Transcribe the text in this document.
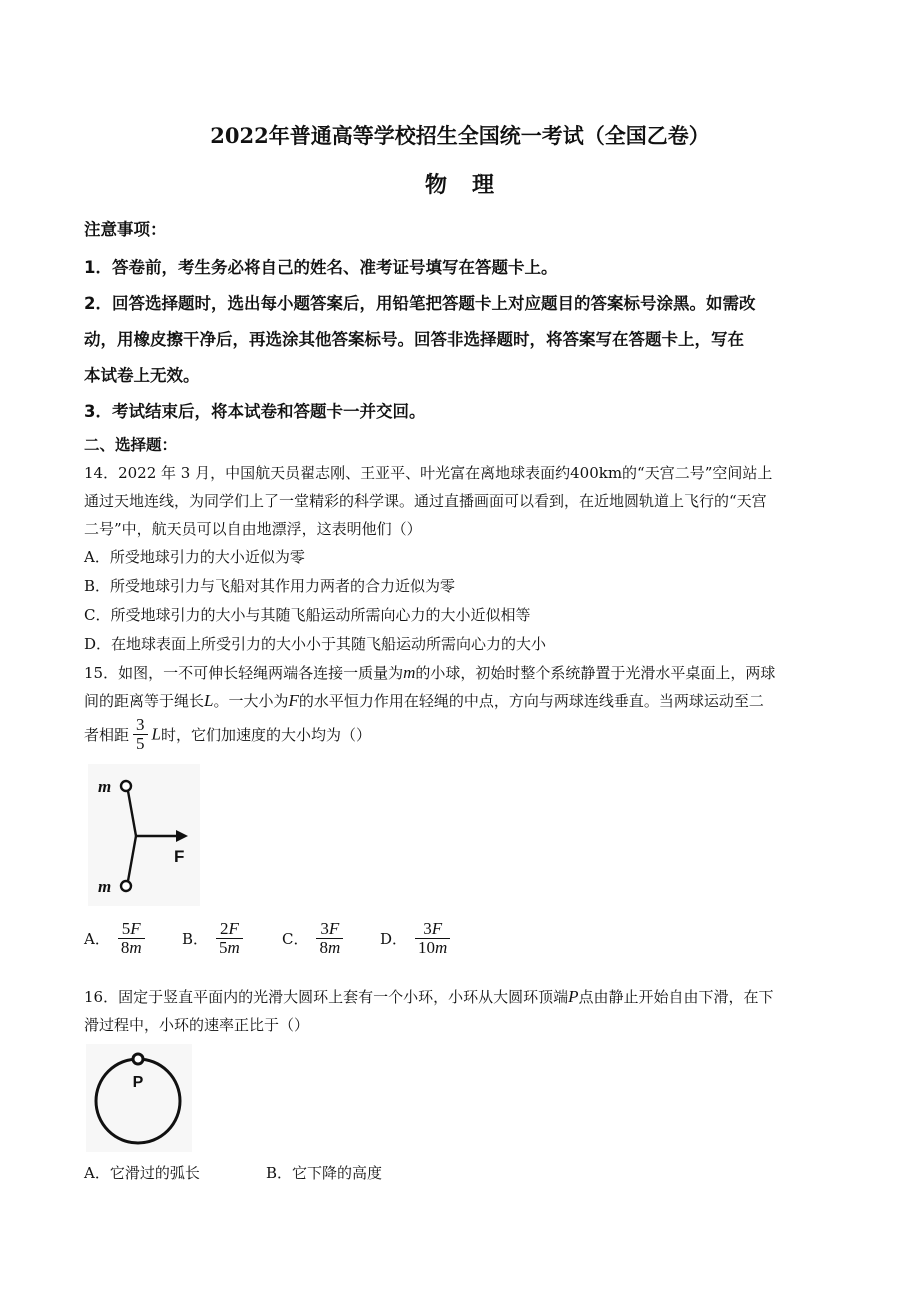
2022年普通高等学校招生全国统一考试（全国乙卷）
物 理
注意事项：
1．答卷前，考生务必将自己的姓名、准考证号填写在答题卡上。
2．回答选择题时，选出每小题答案后，用铅笔把答题卡上对应题目的答案标号涂黑。如需改
动，用橡皮擦干净后，再选涂其他答案标号。回答非选择题时，将答案写在答题卡上，写在
本试卷上无效。
3．考试结束后，将本试卷和答题卡一并交回。
二、选择题：
14．2022 年 3 月，中国航天员翟志刚、王亚平、叶光富在离地球表面约400km的“天宫二号”空间站上
通过天地连线，为同学们上了一堂精彩的科学课。通过直播画面可以看到，在近地圆轨道上飞行的“天宫
二号”中，航天员可以自由地漂浮，这表明他们（）
A．所受地球引力的大小近似为零
B．所受地球引力与飞船对其作用力两者的合力近似为零
C．所受地球引力的大小与其随飞船运动所需向心力的大小近似相等
D．在地球表面上所受引力的大小小于其随飞船运动所需向心力的大小
15．如图，一不可伸长轻绳两端各连接一质量为m的小球，初始时整个系统静置于光滑水平桌面上，两球
间的距离等于绳长L。一大小为F的水平恒力作用在轻绳的中点，方向与两球连线垂直。当两球运动至二
者相距 $\frac{3}{5}$ L时，它们加速度的大小均为（）
m
F
m
A． $\frac{5F}{8m}$ B． $\frac{2F}{5m}$	C． $\frac{3F}{8m}$ D． $\frac{3F}{10m}$
16．固定于竖直平面内的光滑大圆环上套有一个小环，小环从大圆环顶端P点由静止开始自由下滑，在下
滑过程中，小环的速率正比于（）
P
A．它滑过的弧长	B．它下降的高度
